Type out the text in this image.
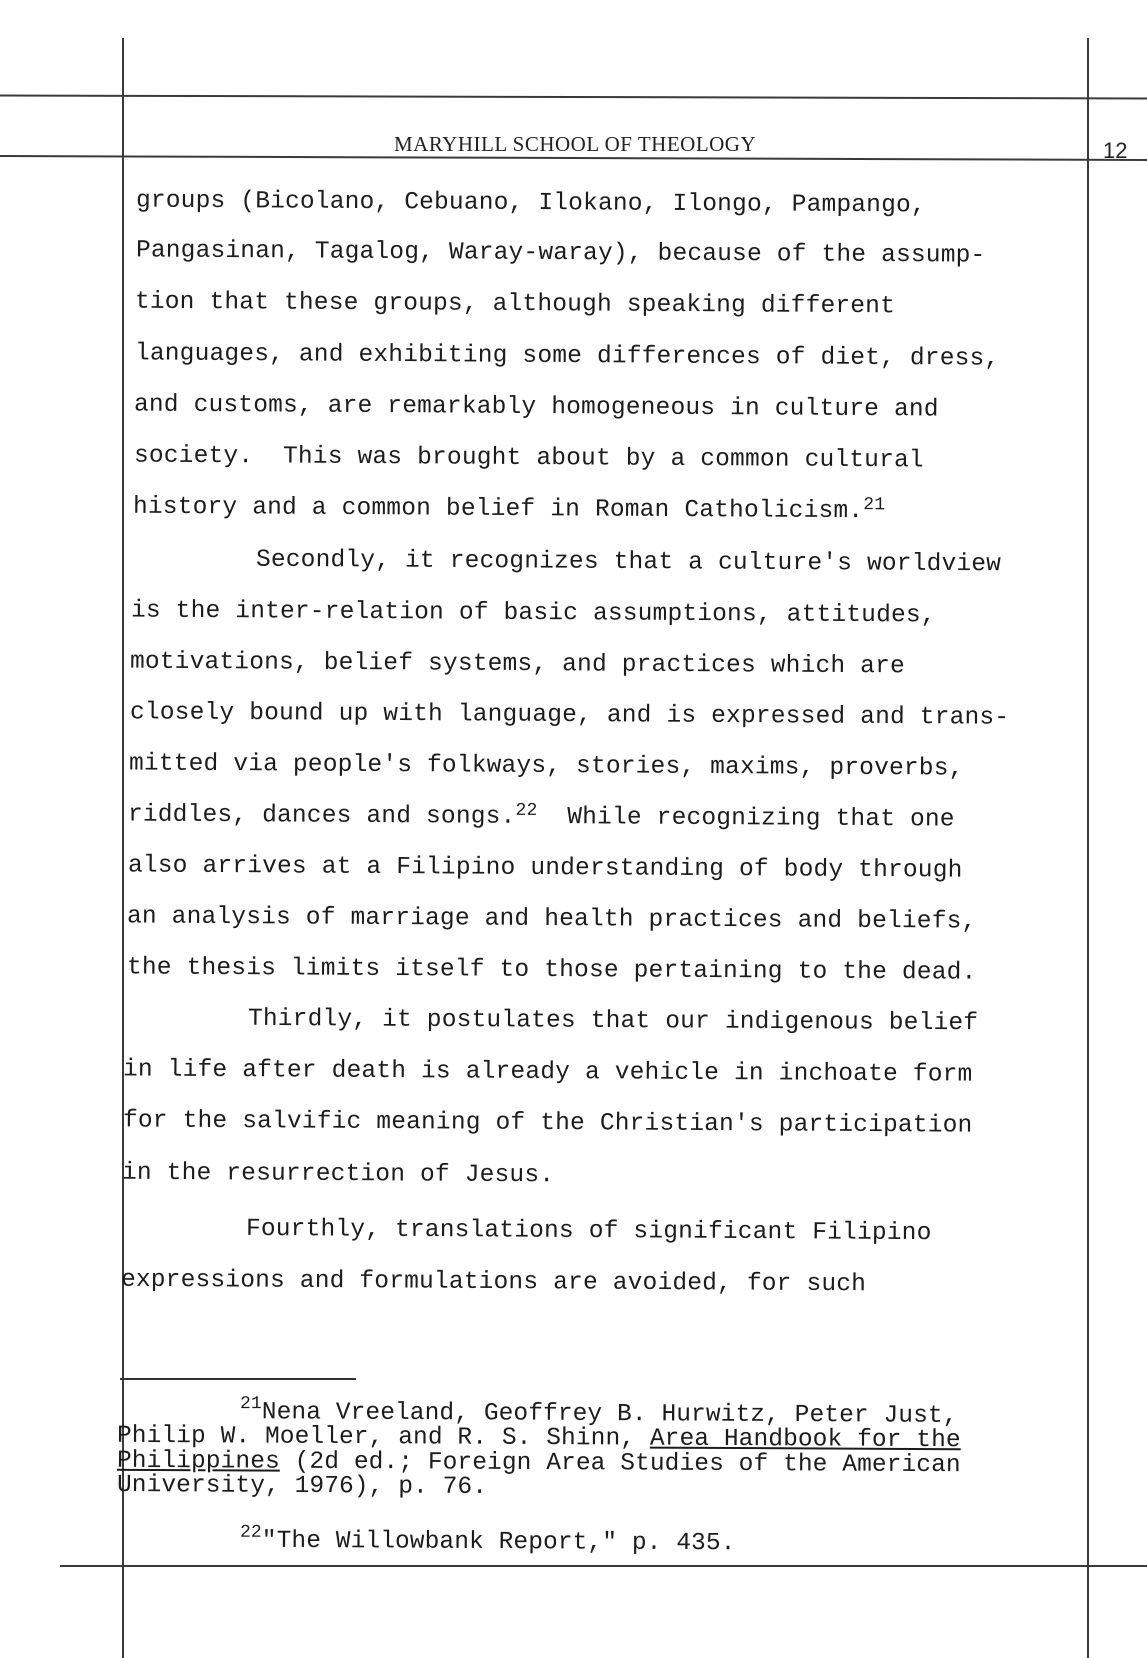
MARYHILL SCHOOL OF THEOLOGY	12
groups (Bicolano, Cebuano, Ilokano, Ilongo, Pampango,
Pangasinan, Tagalog, Waray-waray), because of the assump-
tion that these groups, although speaking different
languages, and exhibiting some differences of diet, dress,
and customs, are remarkably homogeneous in culture and
society.  This was brought about by a common cultural
history and a common belief in Roman Catholicism.$^{21}$
Secondly, it recognizes that a culture's worldview
is the inter-relation of basic assumptions, attitudes,
motivations, belief systems, and practices which are
closely bound up with language, and is expressed and trans-
mitted via people's folkways, stories, maxims, proverbs,
riddles, dances and songs.$^{22}$  While recognizing that one
also arrives at a Filipino understanding of body through
an analysis of marriage and health practices and beliefs,
the thesis limits itself to those pertaining to the dead.
Thirdly, it postulates that our indigenous belief
in life after death is already a vehicle in inchoate form
for the salvific meaning of the Christian's participation
in the resurrection of Jesus.
Fourthly, translations of significant Filipino
expressions and formulations are avoided, for such
$^{21}$Nena Vreeland, Geoffrey B. Hurwitz, Peter Just,
Philip W. Moeller, and R. S. Shinn, Area Handbook for the
Philippines (2d ed.; Foreign Area Studies of the American
University, 1976), p. 76.
$^{22}$"The Willowbank Report," p. 435.
